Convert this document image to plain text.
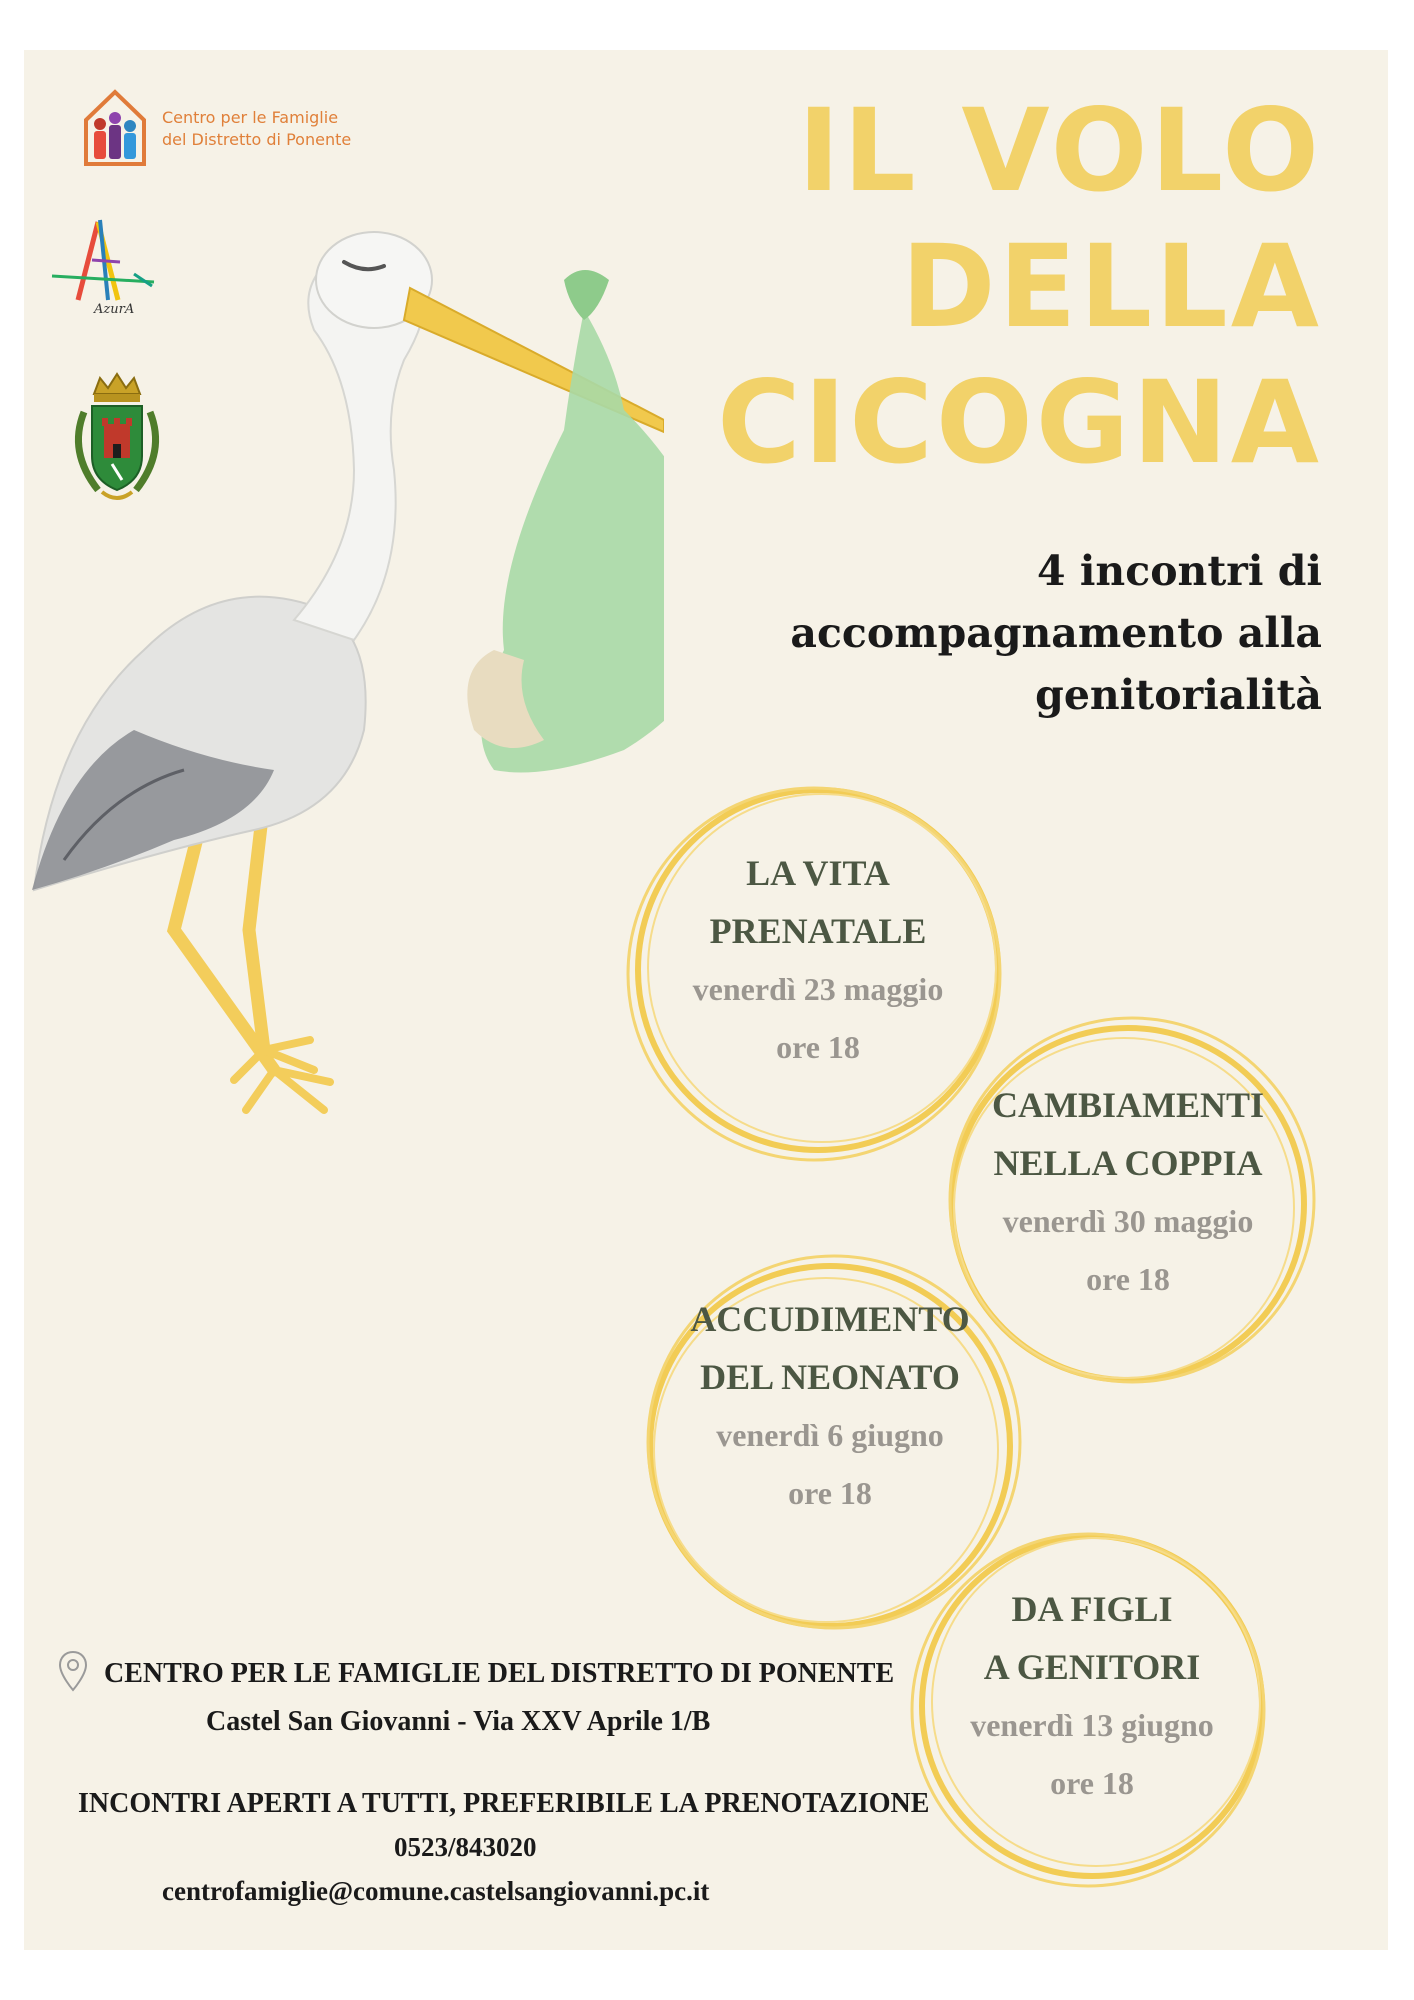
Centro per le Famiglie
del Distretto di Ponente
AzurA
IL VOLO
DELLA
CICOGNA
4 incontri di
accompagnamento alla
genitorialità
LA VITA
PRENATALE
venerdì 23 maggio
ore 18
CAMBIAMENTI
NELLA COPPIA
venerdì 30 maggio
ore 18
ACCUDIMENTO
DEL NEONATO
venerdì 6 giugno
ore 18
DA FIGLI
A GENITORI
venerdì 13 giugno
ore 18
CENTRO PER LE FAMIGLIE DEL DISTRETTO DI PONENTE
Castel San Giovanni - Via XXV Aprile 1/B
INCONTRI APERTI A TUTTI, PREFERIBILE LA PRENOTAZIONE
0523/843020
centrofamiglie@comune.castelsangiovanni.pc.it
